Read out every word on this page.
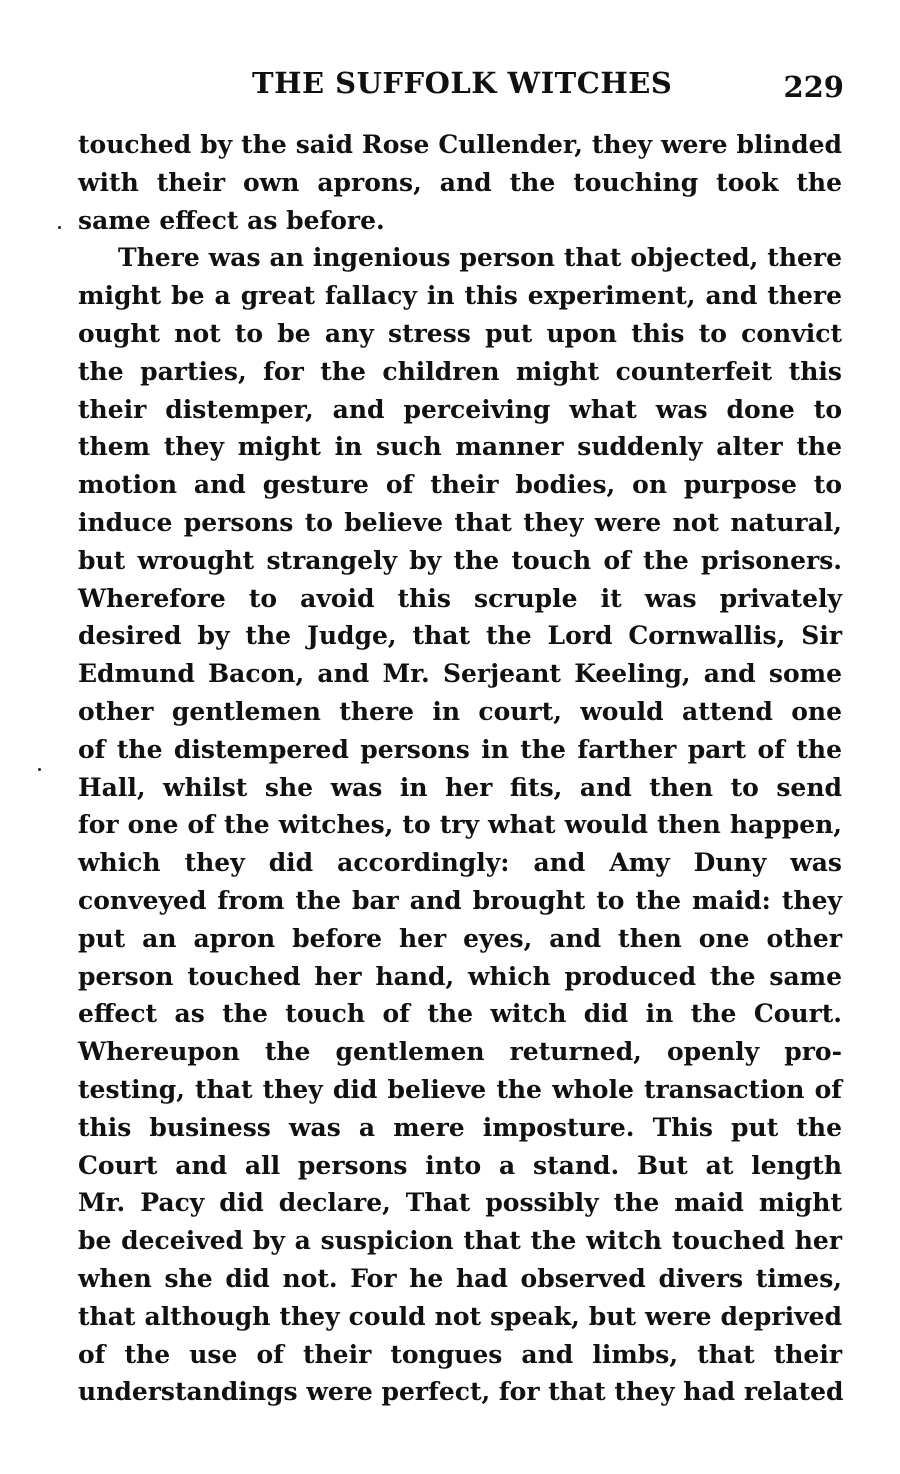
THE SUFFOLK WITCHES	229
touched by the said Rose Cullender, they were blinded
with their own aprons, and the touching took the
same effect as before.
There was an ingenious person that objected, there
might be a great fallacy in this experiment, and there
ought not to be any stress put upon this to convict
the parties, for the children might counterfeit this
their distemper, and perceiving what was done to
them they might in such manner suddenly alter the
motion and gesture of their bodies, on purpose to
induce persons to believe that they were not natural,
but wrought strangely by the touch of the prisoners.
Wherefore to avoid this scruple it was privately
desired by the Judge, that the Lord Cornwallis, Sir
Edmund Bacon, and Mr. Serjeant Keeling, and some
other gentlemen there in court, would attend one
of the distempered persons in the farther part of the
Hall, whilst she was in her fits, and then to send
for one of the witches, to try what would then happen,
which they did accordingly: and Amy Duny was
conveyed from the bar and brought to the maid: they
put an apron before her eyes, and then one other
person touched her hand, which produced the same
effect as the touch of the witch did in the Court.
Whereupon the gentlemen returned, openly pro-
testing, that they did believe the whole transaction of
this business was a mere imposture. This put the
Court and all persons into a stand. But at length
Mr. Pacy did declare, That possibly the maid might
be deceived by a suspicion that the witch touched her
when she did not. For he had observed divers times,
that although they could not speak, but were deprived
of the use of their tongues and limbs, that their
understandings were perfect, for that they had related
